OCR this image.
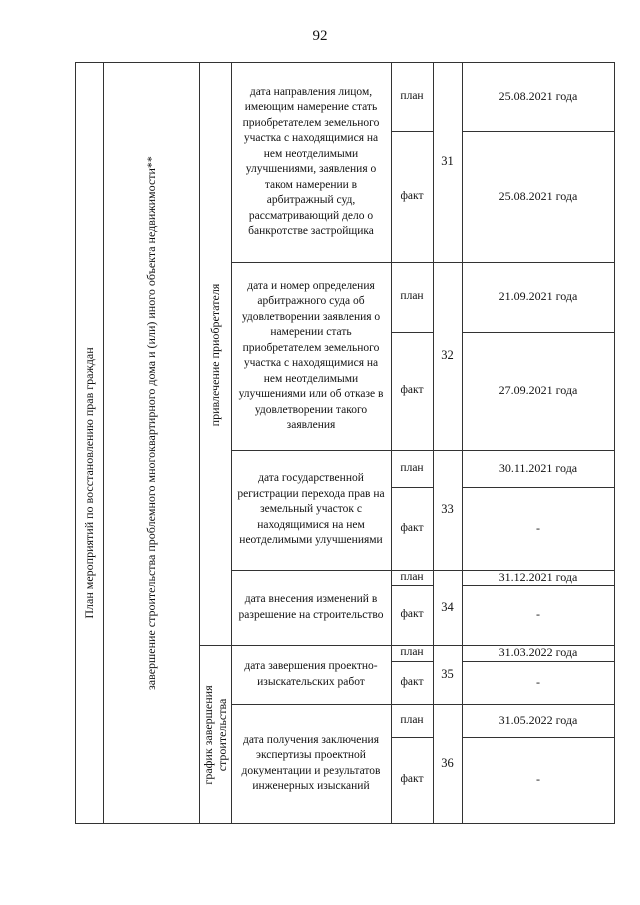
92
План мероприятий по восстановлению прав граждан	завершение строительства проблемного многоквартирного дома и (или) иного объекта недвижимости**	привлечение приобретателя
график завершения строительства
дата направления лицом, имеющим намерение стать приобретателем земельного участка с находящимися на нем неотделимыми улучшениями, заявления о таком намерении в арбитражный суд, рассматривающий дело о банкротстве застройщика
план
факт
31
25.08.2021 года
25.08.2021 года
дата и номер определения арбитражного суда об удовлетворении заявления о намерении стать приобретателем земельного участка с находящимися на нем неотделимыми улучшениями или об отказе в удовлетворении такого заявления
план
факт
32
21.09.2021 года
27.09.2021 года
дата государственной регистрации перехода прав на земельный участок с находящимися на нем неотделимыми улучшениями
план
факт
33
30.11.2021 года
-
дата внесения изменений в разрешение на строительство
план
факт
34
31.12.2021 года
-
дата завершения проектно-изыскательских работ
план
факт
35
31.03.2022 года
-
дата получения заключения экспертизы проектной документации и результатов инженерных изысканий
план
факт
36
31.05.2022 года
-
